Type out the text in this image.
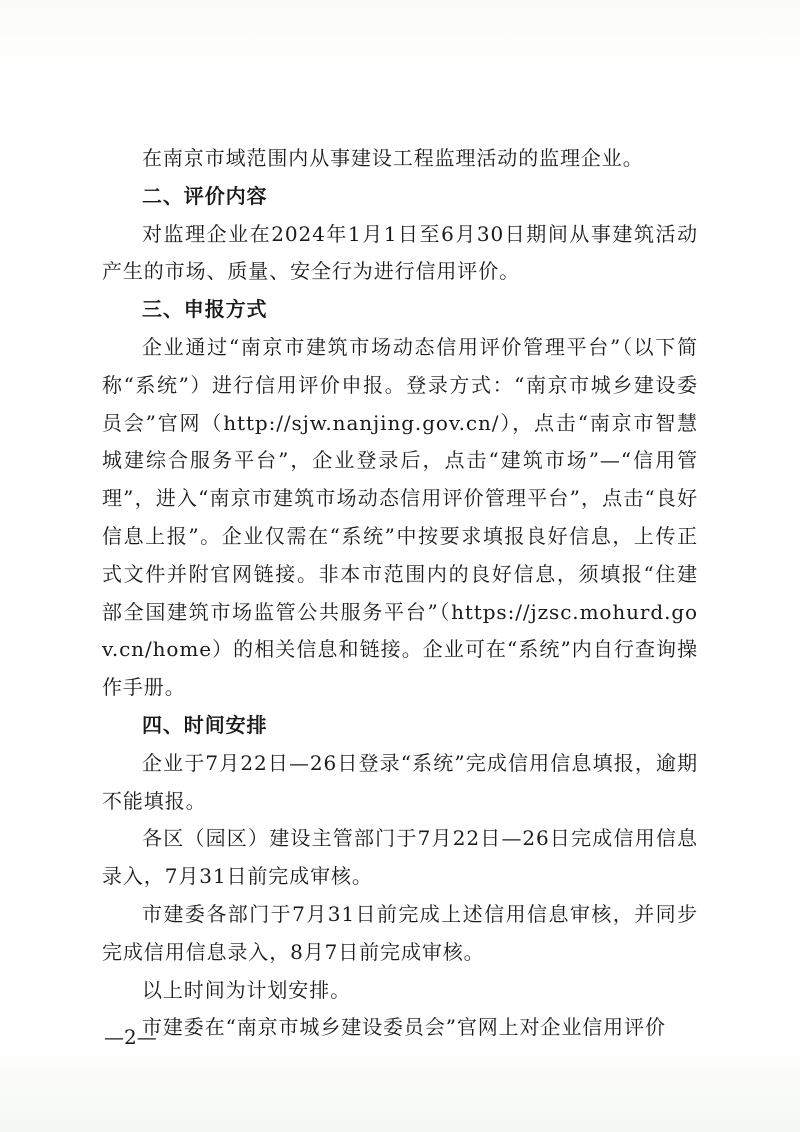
在南京市域范围内从事建设工程监理活动的监理企业。

二、评价内容

对监理企业在2024年1月1日至6月30日期间从事建筑活动产生的市场、质量、安全行为进行信用评价。

三、申报方式

企业通过“南京市建筑市场动态信用评价管理平台”（以下简称“系统”）进行信用评价申报。登录方式：“南京市城乡建设委员会”官网（http://sjw.nanjing.gov.cn/），点击“南京市智慧城建综合服务平台”，企业登录后，点击“建筑市场”—“信用管理”，进入“南京市建筑市场动态信用评价管理平台”，点击“良好信息上报”。企业仅需在“系统”中按要求填报良好信息，上传正式文件并附官网链接。非本市范围内的良好信息，须填报“住建部全国建筑市场监管公共服务平台”（https://jzsc.mohurd.gov.cn/home）的相关信息和链接。企业可在“系统”内自行查询操作手册。

四、时间安排

企业于7月22日—26日登录“系统”完成信用信息填报，逾期不能填报。

各区（园区）建设主管部门于7月22日—26日完成信用信息录入，7月31日前完成审核。

市建委各部门于7月31日前完成上述信用信息审核，并同步完成信用信息录入，8月7日前完成审核。

以上时间为计划安排。

市建委在“南京市城乡建设委员会”官网上对企业信用评价

—2—
